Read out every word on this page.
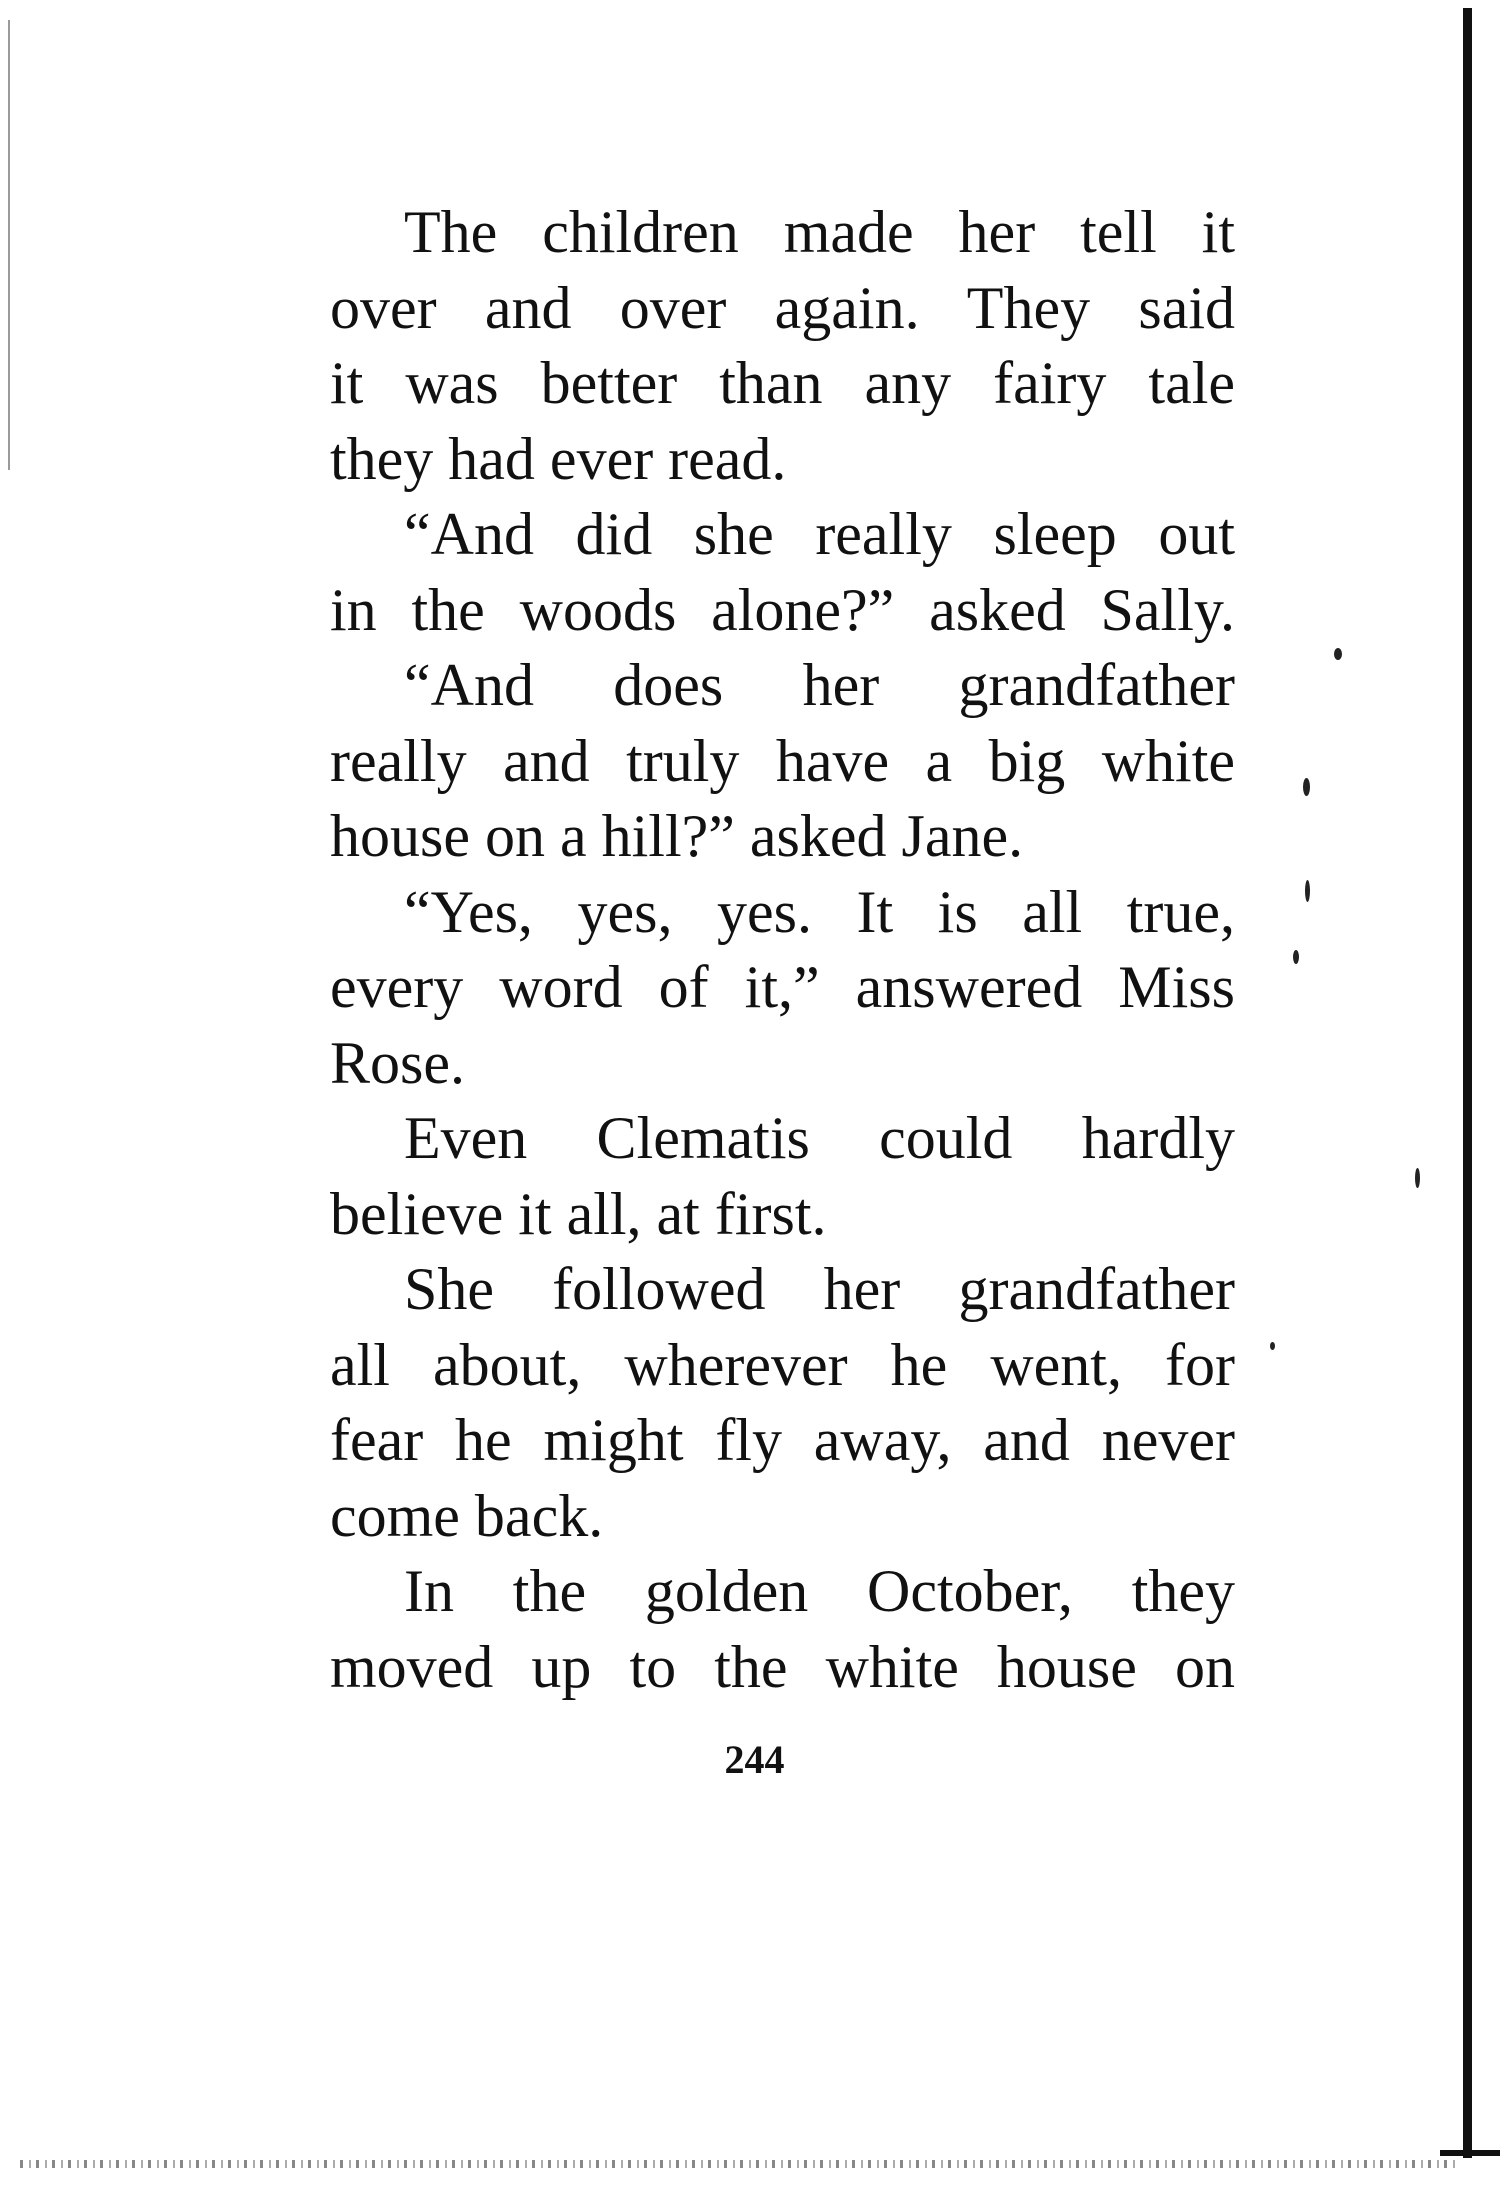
The children made her tell it
over and over again. They said
it was better than any fairy tale
they had ever read.
“And did she really sleep out
in the woods alone?” asked Sally.
“And does her grandfather
really and truly have a big white
house on a hill?” asked Jane.
“Yes, yes, yes. It is all true,
every word of it,” answered Miss
Rose.
Even Clematis could hardly
believe it all, at first.
She followed her grandfather
all about, wherever he went, for
fear he might fly away, and never
come back.
In the golden October, they
moved up to the white house on
244
